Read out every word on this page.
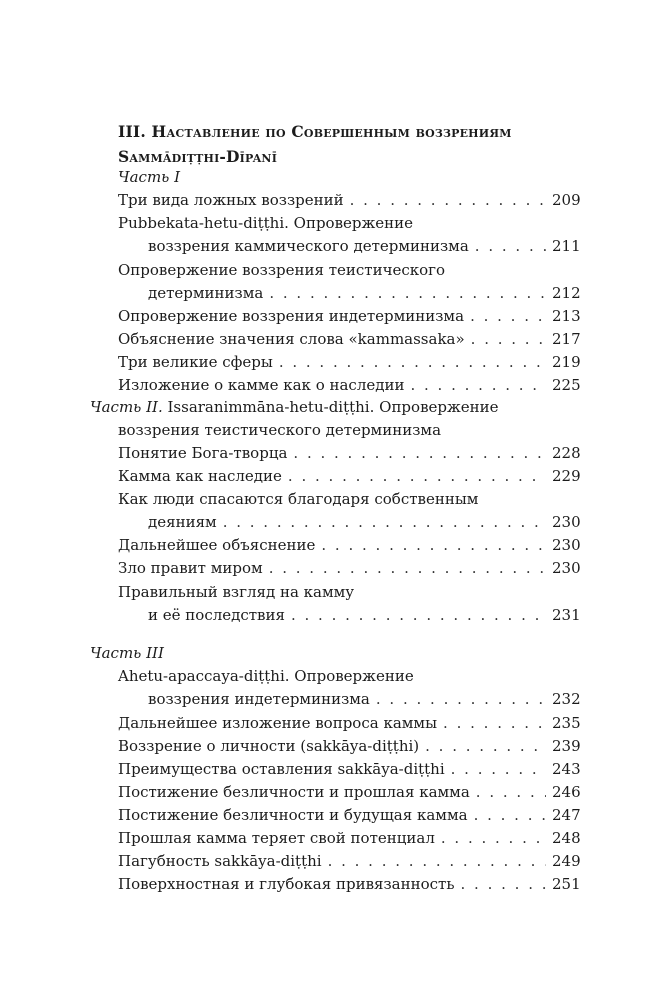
III. Наставление по Совершенным воззрениям
Sammādiṭṭhi-Dīpanī
Часть I
Три вида ложных воззрений . . .	209
Pubbekata-hetu-diṭṭhi. Опровержение
воззрения каммического детерминизма . . .	211
Опровержение воззрения теистического
детерминизма . . .	212
Опровержение воззрения индетерминизма . . .	213
Объяснение значения слова «kammassaka» . . .	217
Три великие сферы . . .	219
Изложение о камме как о наследии . . .	225
Часть II. Issaranimmāna-hetu-diṭṭhi. Опровержение
воззрения теистического детерминизма
Понятие Бога-творца . . .	228
Камма как наследие . . .	229
Как люди спасаются благодаря собственным
деяниям . . .	230
Дальнейшее объяснение . . .	230
Зло правит миром . . .	230
Правильный взгляд на камму
и её последствия . . .	231
Часть III
Ahetu-apaccaya-diṭṭhi. Опровержение
воззрения индетерминизма . . .	232
Дальнейшее изложение вопроса каммы . . .	235
Воззрение о личности (sakkāya-diṭṭhi) . . .	239
Преимущества оставления sakkāya-diṭṭhi . . .	243
Постижение безличности и прошлая камма . . .	246
Постижение безличности и будущая камма . . .	247
Прошлая камма теряет свой потенциал . . .	248
Пагубность sakkāya-diṭṭhi . . .	249
Поверхностная и глубокая привязанность . . .	251
